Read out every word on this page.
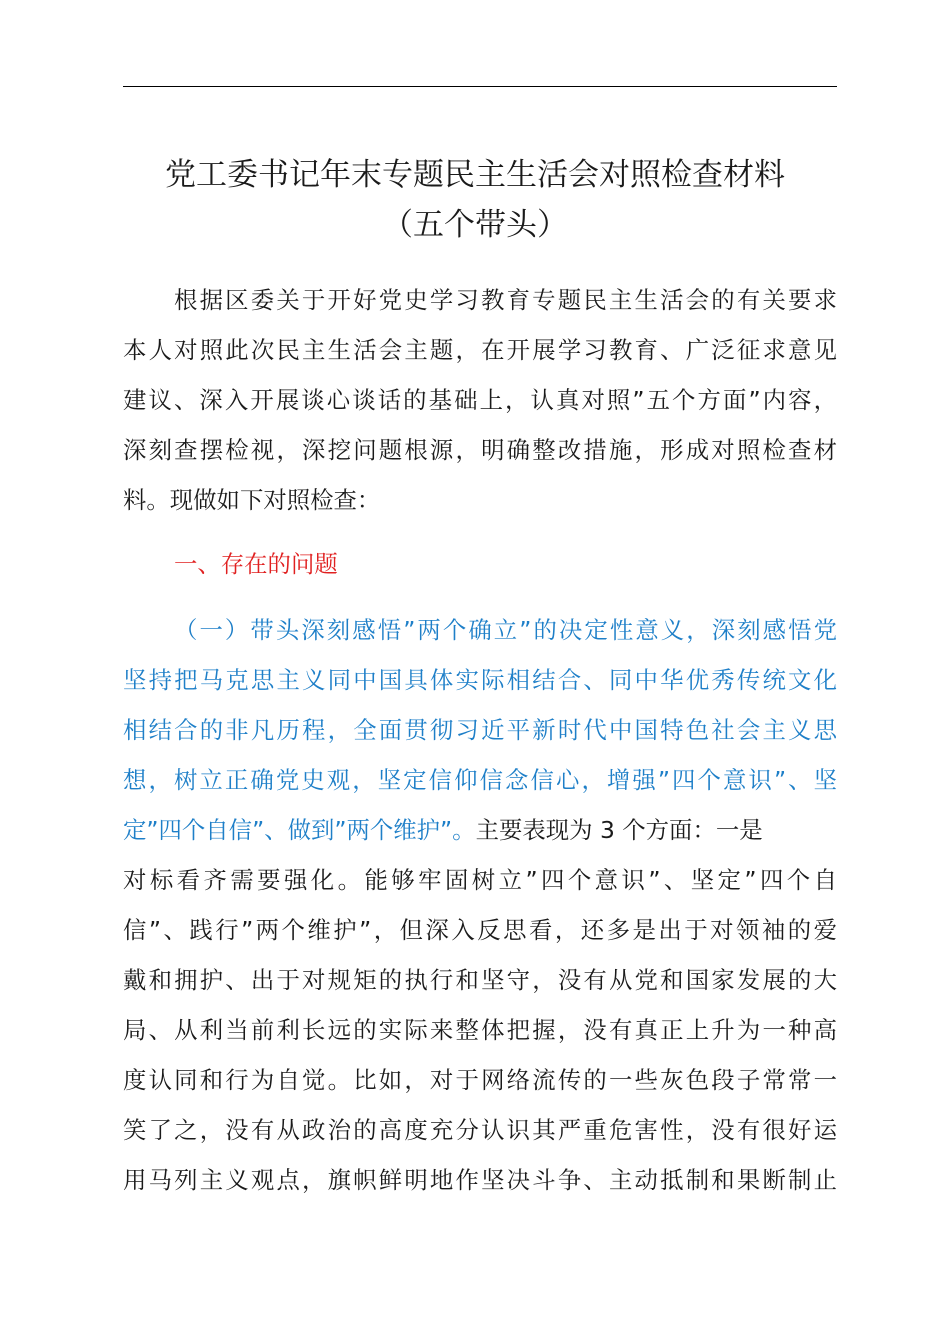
党工委书记年末专题民主生活会对照检查材料
（五个带头）
根据区委关于开好党史学习教育专题民主生活会的有关要求
本人对照此次民主生活会主题，在开展学习教育、广泛征求意见
建议、深入开展谈心谈话的基础上，认真对照”五个方面”内容，
深刻查摆检视，深挖问题根源，明确整改措施，形成对照检查材
料。现做如下对照检查：
一、存在的问题
（一）带头深刻感悟”两个确立”的决定性意义，深刻感悟党
坚持把马克思主义同中国具体实际相结合、同中华优秀传统文化
相结合的非凡历程，全面贯彻习近平新时代中国特色社会主义思
想，树立正确党史观，坚定信仰信念信心，增强”四个意识”、坚
定”四个自信”、做到”两个维护”。主要表现为 3 个方面：一是
对标看齐需要强化。能够牢固树立”四个意识”、坚定”四个自
信”、践行”两个维护”，但深入反思看，还多是出于对领袖的爱
戴和拥护、出于对规矩的执行和坚守，没有从党和国家发展的大
局、从利当前利长远的实际来整体把握，没有真正上升为一种高
度认同和行为自觉。比如，对于网络流传的一些灰色段子常常一
笑了之，没有从政治的高度充分认识其严重危害性，没有很好运
用马列主义观点，旗帜鲜明地作坚决斗争、主动抵制和果断制止
